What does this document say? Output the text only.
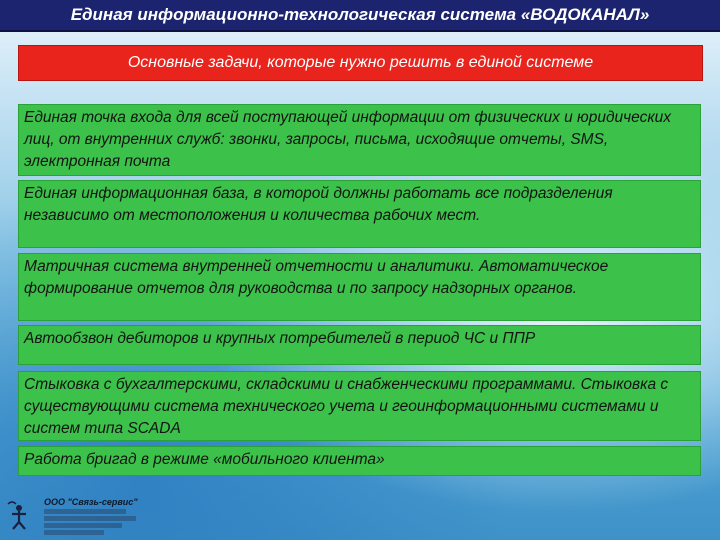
Единая информационно-технологическая система «ВОДОКАНАЛ»
Основные задачи, которые нужно решить в единой системе
Единая точка входа для всей поступающей информации от физических и юридических лиц, от внутренних служб: звонки, запросы, письма, исходящие отчеты, SMS, электронная почта
Единая информационная база, в которой должны работать все подразделения независимо от местоположения и количества рабочих мест.
Матричная система внутренней отчетности и аналитики. Автоматическое формирование отчетов для руководства и по запросу надзорных органов.
Автообзвон дебиторов и крупных потребителей в период ЧС и ППР
Стыковка с бухгалтерскими, складскими и снабженческими программами. Стыковка с существующими система технического учета и геоинформационными системами и систем типа SCADA
Работа бригад в режиме «мобильного клиента»
ООО "Связь-сервис"
